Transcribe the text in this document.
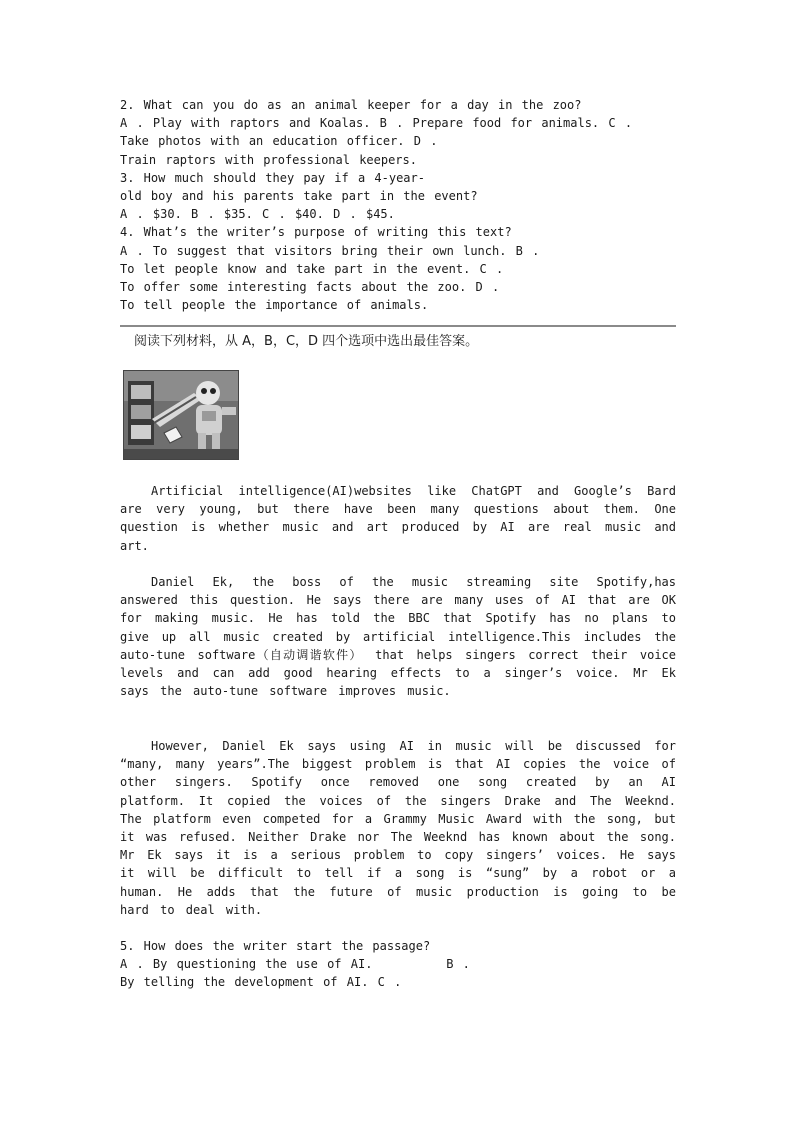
2. What can you do as an animal keeper for a day in the zoo?

A . Play with raptors and Koalas. B . Prepare food for animals. C .

Take photos with an education officer. D .

Train raptors with professional keepers.

3. How much should they pay if a 4-year-

old boy and his parents take part in the event?

A . $30. B . $35. C . $40. D . $45.

4. What’s the writer’s purpose of writing this text?

A . To suggest that visitors bring their own lunch. B .

To let people know and take part in the event. C .

To offer some interesting facts about the zoo. D .

To tell people the importance of animals.

阅读下列材料，从 A，B，C，D 四个选项中选出最佳答案。

Artificial intelligence(AI)websites like ChatGPT and Google’s Bard are very young, but there have been many questions about them. One question is whether music and art produced by AI are real music and art.

Daniel Ek, the boss of the music streaming site Spotify,has answered this question. He says there are many uses of AI that are OK for making music. He has told the BBC that Spotify has no plans to give up all music created by artificial intelligence.This includes the auto-tune software（自动调谐软件） that helps singers correct their voice levels and can add good hearing effects to a singer’s voice. Mr Ek says the auto-tune software improves music.

However, Daniel Ek says using AI in music will be discussed for “many, many years”.The biggest problem is that AI copies the voice of other singers. Spotify once removed one song created by an AI platform. It copied the voices of the singers Drake and The Weeknd. The platform even competed for a Grammy Music Award with the song, but it was refused. Neither Drake nor The Weeknd has known about the song. Mr Ek says it is a serious problem to copy singers’ voices. He says it will be difficult to tell if a song is “sung” by a robot or a human. He adds that the future of music production is going to be hard to deal with.

5. How does the writer start the passage?

A . By questioning the use of AI.        B .

By telling the development of AI. C .
